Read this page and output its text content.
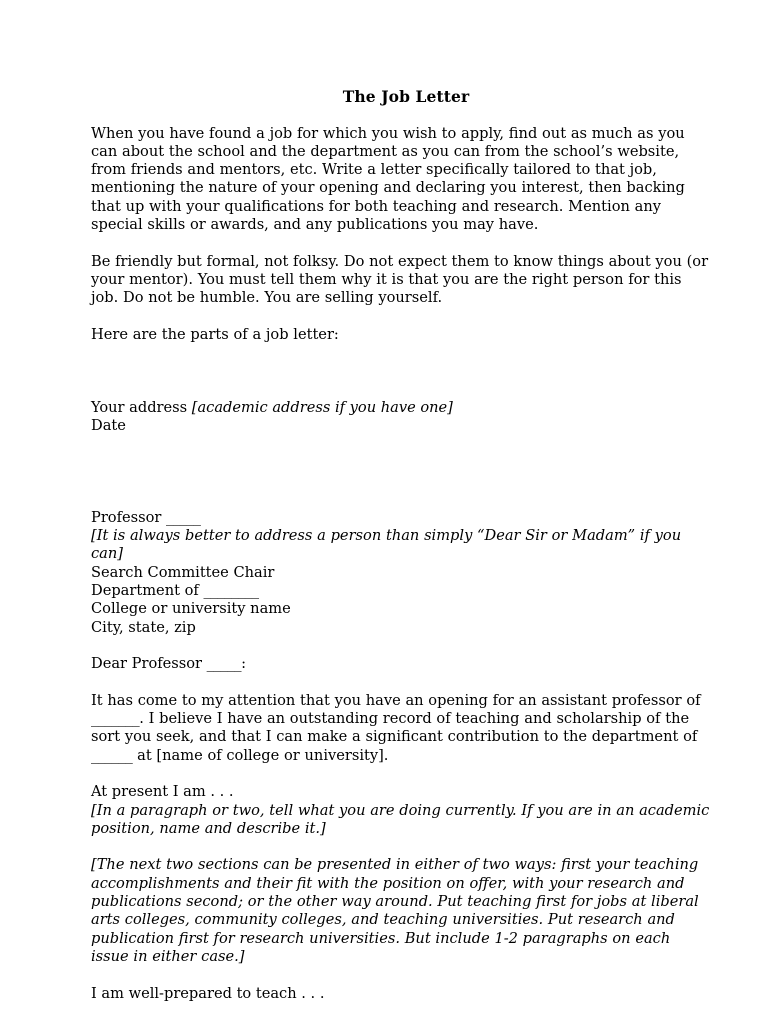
The Job Letter

When you have found a job for which you wish to apply, find out as much as you can about the school and the department as you can from the school’s website, from friends and mentors, etc. Write a letter specifically tailored to that job, mentioning the nature of your opening and declaring you interest, then backing that up with your qualifications for both teaching and research. Mention any special skills or awards, and any publications you may have.

Be friendly but formal, not folksy. Do not expect them to know things about you (or your mentor). You must tell them why it is that you are the right person for this job. Do not be humble. You are selling yourself.

Here are the parts of a job letter:

Your address [academic address if you have one]
Date
Professor _____
[It is always better to address a person than simply “Dear Sir or Madam” if you can]
Search Committee Chair
Department of ________
College or university name
City, state, zip
Dear Professor _____:

It has come to my attention that you have an opening for an assistant professor of _______. I believe I have an outstanding record of teaching and scholarship of the sort you seek, and that I can make a significant contribution to the department of ______ at [name of college or university].

At present I am . . .
[In a paragraph or two, tell what you are doing currently. If you are in an academic position, name and describe it.]
[The next two sections can be presented in either of two ways: first your teaching accomplishments and their fit with the position on offer, with your research and publications second; or the other way around. Put teaching first for jobs at liberal arts colleges, community colleges, and teaching universities. Put research and publication first for research universities. But include 1-2 paragraphs on each issue in either case.]
I am well-prepared to teach . . .
